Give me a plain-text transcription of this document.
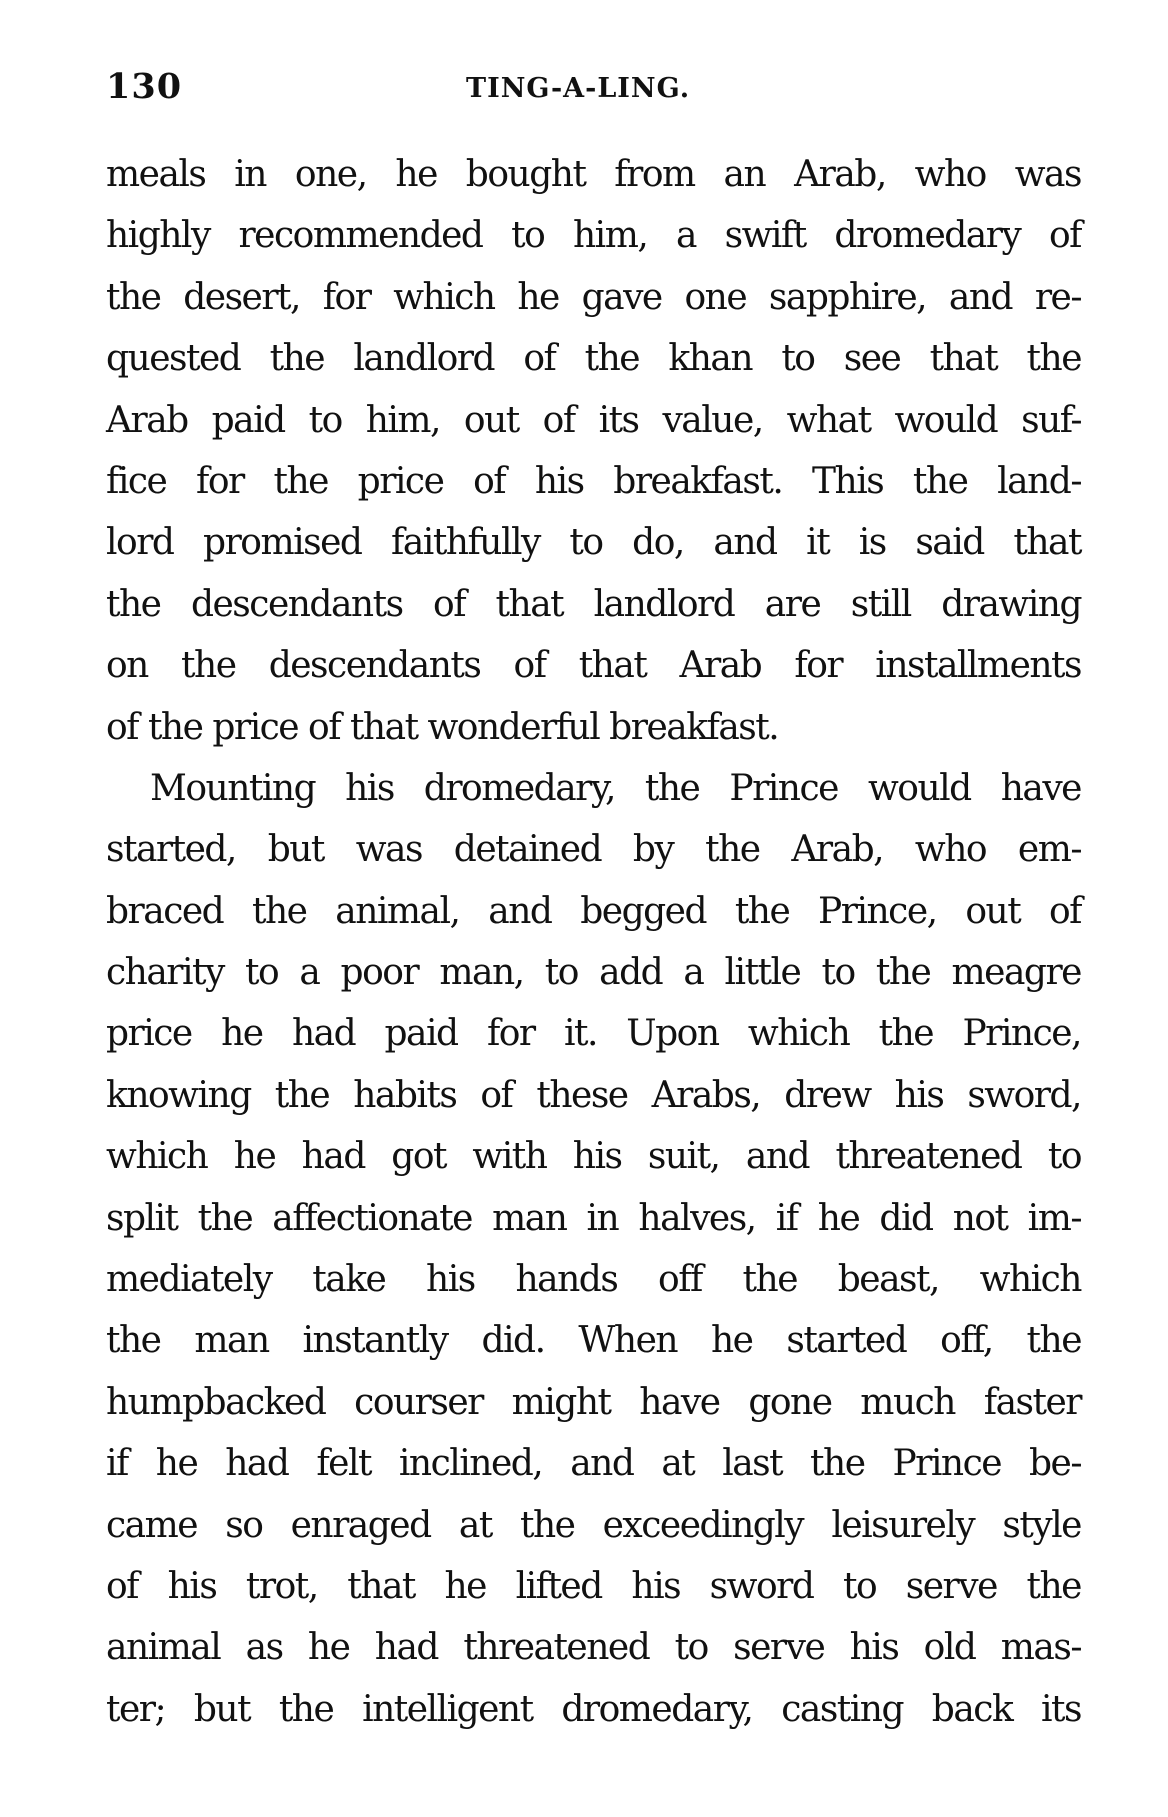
130	TING-A-LING.
meals in one, he bought from an Arab, who was
highly recommended to him, a swift dromedary of
the desert, for which he gave one sapphire, and re-
quested the landlord of the khan to see that the
Arab paid to him, out of its value, what would suf-
fice for the price of his breakfast. This the land-
lord promised faithfully to do, and it is said that
the descendants of that landlord are still drawing
on the descendants of that Arab for installments
of the price of that wonderful breakfast.
Mounting his dromedary, the Prince would have
started, but was detained by the Arab, who em-
braced the animal, and begged the Prince, out of
charity to a poor man, to add a little to the meagre
price he had paid for it. Upon which the Prince,
knowing the habits of these Arabs, drew his sword,
which he had got with his suit, and threatened to
split the affectionate man in halves, if he did not im-
mediately take his hands off the beast, which
the man instantly did. When he started off, the
humpbacked courser might have gone much faster
if he had felt inclined, and at last the Prince be-
came so enraged at the exceedingly leisurely style
of his trot, that he lifted his sword to serve the
animal as he had threatened to serve his old mas-
ter; but the intelligent dromedary, casting back its
